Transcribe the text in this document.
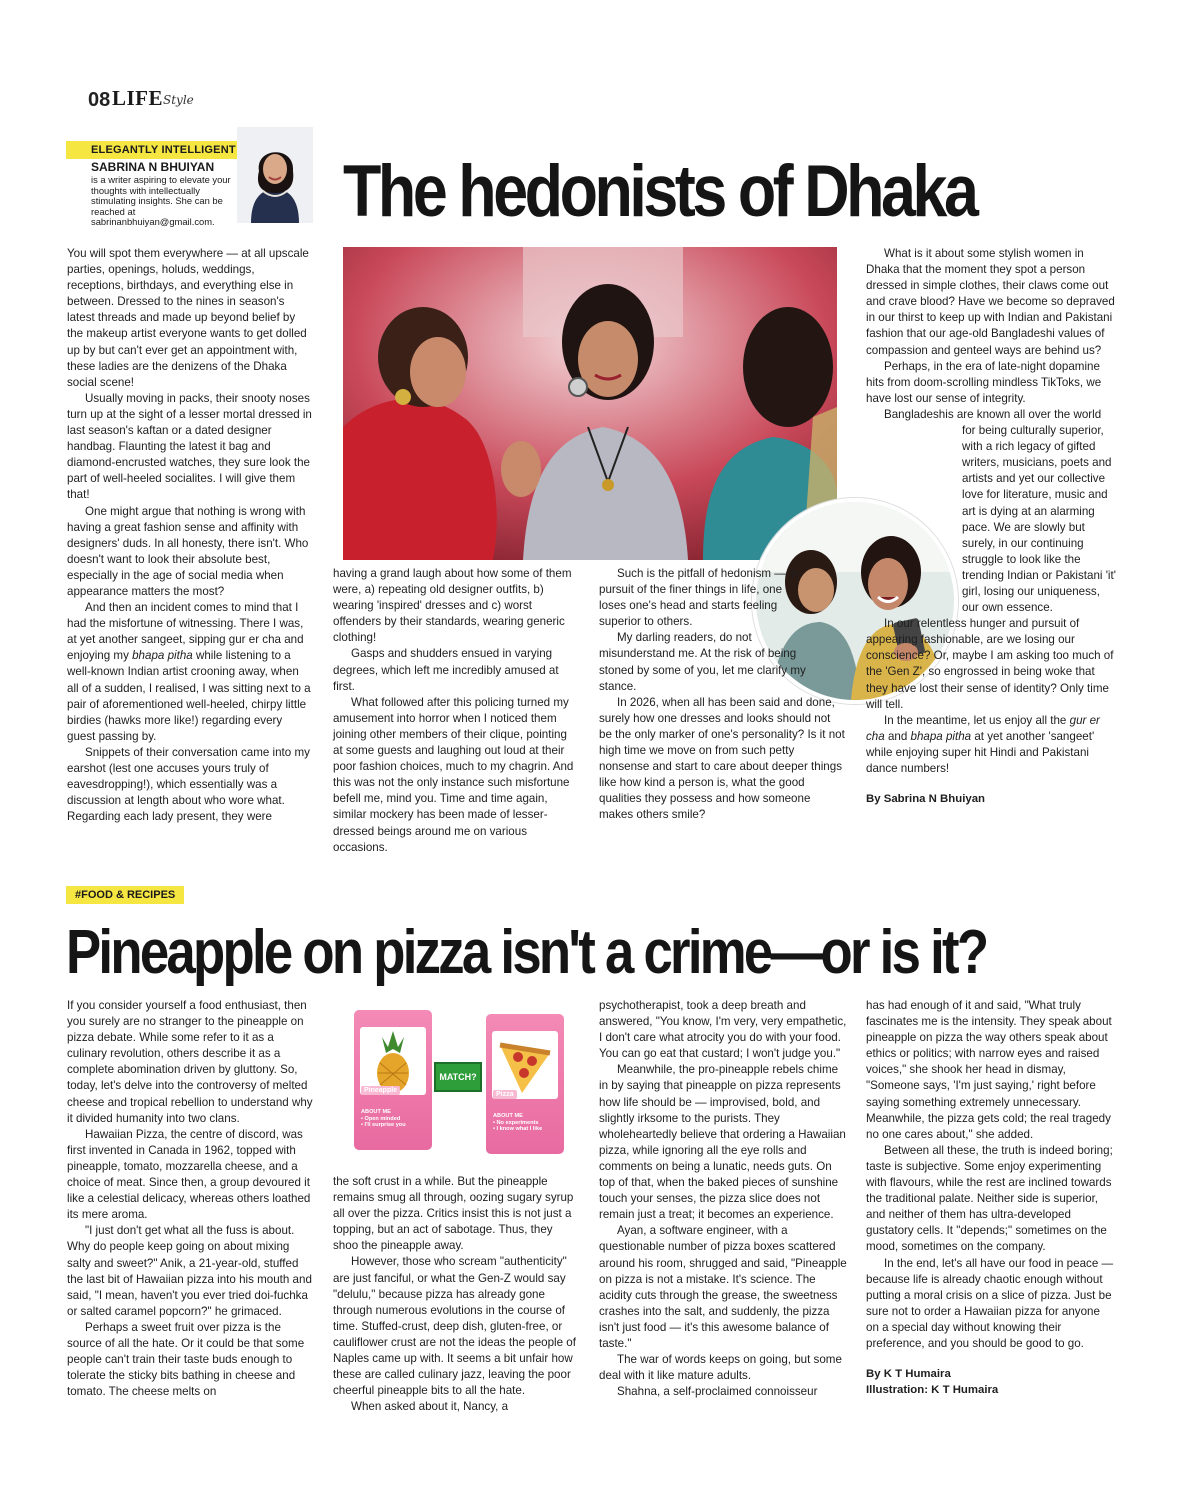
08 LIFE Style
ELEGANTLY INTELLIGENT
SABRINA N BHUIYAN
is a writer aspiring to elevate your thoughts with intellectually stimulating insights. She can be reached at sabrinanbhuiyan@gmail.com. The hedonists of Dhaka

You will spot them everywhere — at all upscale parties, openings, holuds, weddings, receptions, birthdays, and everything else in between. Dressed to the nines in season's latest threads and made up beyond belief by the makeup artist everyone wants to get dolled up by but can't ever get an appointment with, these ladies are the denizens of the Dhaka social scene!

Usually moving in packs, their snooty noses turn up at the sight of a lesser mortal dressed in last season's kaftan or a dated designer handbag. Flaunting the latest it bag and diamond-encrusted watches, they sure look the part of well-heeled socialites. I will give them that!

One might argue that nothing is wrong with having a great fashion sense and affinity with designers' duds. In all honesty, there isn't. Who doesn't want to look their absolute best, especially in the age of social media when appearance matters the most?

And then an incident comes to mind that I had the misfortune of witnessing. There I was, at yet another sangeet, sipping gur er cha and enjoying my bhapa pitha while listening to a well-known Indian artist crooning away, when all of a sudden, I realised, I was sitting next to a pair of aforementioned well-heeled, chirpy little birdies (hawks more like!) regarding every guest passing by.

Snippets of their conversation came into my earshot (lest one accuses yours truly of eavesdropping!), which essentially was a discussion at length about who wore what. Regarding each lady present, they were

having a grand laugh about how some of them were, a) repeating old designer outfits, b) wearing 'inspired' dresses and c) worst offenders by their standards, wearing generic clothing!

Gasps and shudders ensued in varying degrees, which left me incredibly amused at first.

What followed after this policing turned my amusement into horror when I noticed them joining other members of their clique, pointing at some guests and laughing out loud at their poor fashion choices, much to my chagrin. And this was not the only instance such misfortune befell me, mind you. Time and time again, similar mockery has been made of lesser-dressed beings around me on various occasions.

Such is the pitfall of hedonism — in pursuit of the finer things in life, one loses one's head and starts feeling superior to others.

My darling readers, do not misunderstand me. At the risk of being stoned by some of you, let me clarify my stance.

In 2026, when all has been said and done, surely how one dresses and looks should not be the only marker of one's personality? Is it not high time we move on from such petty nonsense and start to care about deeper things like how kind a person is, what the good qualities they possess and how someone makes others smile?

What is it about some stylish women in Dhaka that the moment they spot a person dressed in simple clothes, their claws come out and crave blood? Have we become so depraved in our thirst to keep up with Indian and Pakistani fashion that our age-old Bangladeshi values of compassion and genteel ways are behind us?

Perhaps, in the era of late-night dopamine hits from doom-scrolling mindless TikToks, we have lost our sense of integrity.

Bangladeshis are known all over the world for being culturally superior, with a rich legacy of gifted writers, musicians, poets and artists and yet our collective love for literature, music and art is dying at an alarming pace. We are slowly but surely, in our continuing struggle to look like the trending Indian or Pakistani 'it' girl, losing our uniqueness, our own essence.

In our relentless hunger and pursuit of appearing fashionable, are we losing our conscience? Or, maybe I am asking too much of the 'Gen Z', so engrossed in being woke that they have lost their sense of identity? Only time will tell.

In the meantime, let us enjoy all the gur er cha and bhapa pitha at yet another 'sangeet' while enjoying super hit Hindi and Pakistani dance numbers!

By Sabrina N Bhuiyan

#FOOD & RECIPES
Pineapple on pizza isn't a crime—or is it?

If you consider yourself a food enthusiast, then you surely are no stranger to the pineapple on pizza debate. While some refer to it as a culinary revolution, others describe it as a complete abomination driven by gluttony. So, today, let's delve into the controversy of melted cheese and tropical rebellion to understand why it divided humanity into two clans.

Hawaiian Pizza, the centre of discord, was first invented in Canada in 1962, topped with pineapple, tomato, mozzarella cheese, and a choice of meat. Since then, a group devoured it like a celestial delicacy, whereas others loathed its mere aroma.

"I just don't get what all the fuss is about. Why do people keep going on about mixing salty and sweet?" Anik, a 21-year-old, stuffed the last bit of Hawaiian pizza into his mouth and said, "I mean, haven't you ever tried doi-fuchka or salted caramel popcorn?" he grimaced.

Perhaps a sweet fruit over pizza is the source of all the hate. Or it could be that some people can't train their taste buds enough to tolerate the sticky bits bathing in cheese and tomato. The cheese melts on

Pineapple
ABOUT ME
• Open minded
• I'll surprise you
MATCH?
Pizza
ABOUT ME
• No experiments
• I know what I like

the soft crust in a while. But the pineapple remains smug all through, oozing sugary syrup all over the pizza. Critics insist this is not just a topping, but an act of sabotage. Thus, they shoo the pineapple away.

However, those who scream "authenticity" are just fanciful, or what the Gen-Z would say "delulu," because pizza has already gone through numerous evolutions in the course of time. Stuffed-crust, deep dish, gluten-free, or cauliflower crust are not the ideas the people of Naples came up with. It seems a bit unfair how these are called culinary jazz, leaving the poor cheerful pineapple bits to all the hate.

When asked about it, Nancy, a

psychotherapist, took a deep breath and answered, "You know, I'm very, very empathetic, I don't care what atrocity you do with your food. You can go eat that custard; I won't judge you."

Meanwhile, the pro-pineapple rebels chime in by saying that pineapple on pizza represents how life should be — improvised, bold, and slightly irksome to the purists. They wholeheartedly believe that ordering a Hawaiian pizza, while ignoring all the eye rolls and comments on being a lunatic, needs guts. On top of that, when the baked pieces of sunshine touch your senses, the pizza slice does not remain just a treat; it becomes an experience.

Ayan, a software engineer, with a questionable number of pizza boxes scattered around his room, shrugged and said, "Pineapple on pizza is not a mistake. It's science. The acidity cuts through the grease, the sweetness crashes into the salt, and suddenly, the pizza isn't just food — it's this awesome balance of taste."

The war of words keeps on going, but some deal with it like mature adults.

Shahna, a self-proclaimed connoisseur

has had enough of it and said, "What truly fascinates me is the intensity. They speak about pineapple on pizza the way others speak about ethics or politics; with narrow eyes and raised voices," she shook her head in dismay, "Someone says, 'I'm just saying,' right before saying something extremely unnecessary. Meanwhile, the pizza gets cold; the real tragedy no one cares about," she added.

Between all these, the truth is indeed boring; taste is subjective. Some enjoy experimenting with flavours, while the rest are inclined towards the traditional palate. Neither side is superior, and neither of them has ultra-developed gustatory cells. It "depends;" sometimes on the mood, sometimes on the company.

In the end, let's all have our food in peace — because life is already chaotic enough without putting a moral crisis on a slice of pizza. Just be sure not to order a Hawaiian pizza for anyone on a special day without knowing their preference, and you should be good to go.

By K T Humaira

Illustration: K T Humaira
